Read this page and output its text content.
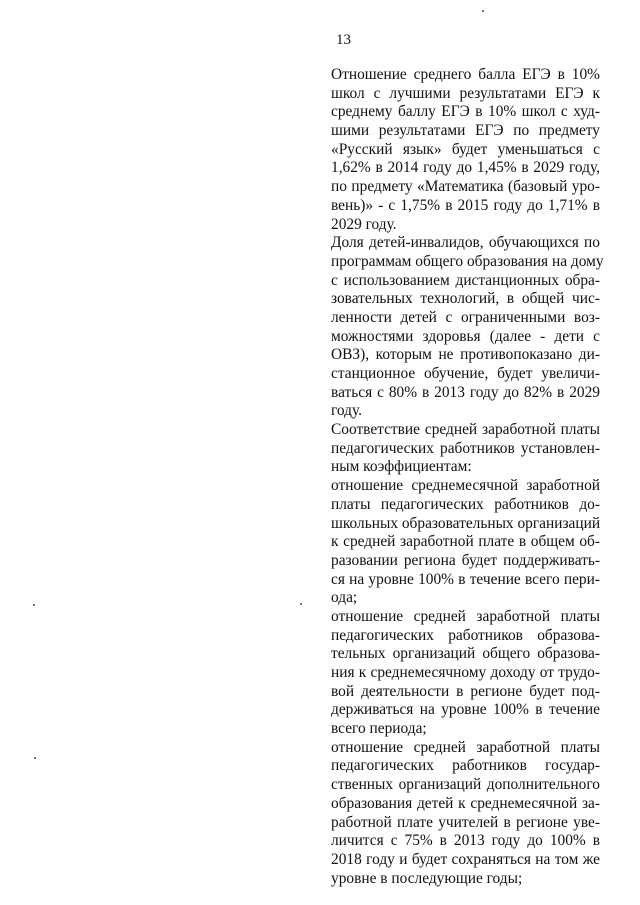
13
Отношение среднего балла ЕГЭ в 10%
школ с лучшими результатами ЕГЭ к
среднему баллу ЕГЭ в 10% школ с худ-
шими результатами ЕГЭ по предмету
«Русский язык» будет уменьшаться с
1,62% в 2014 году до 1,45% в 2029 году,
по предмету «Математика (базовый уро-
вень)» - с 1,75% в 2015 году до 1,71% в
2029 году.
Доля детей-инвалидов, обучающихся по
программам общего образования на дому
с использованием дистанционных обра-
зовательных технологий, в общей чис-
ленности детей с ограниченными воз-
можностями здоровья (далее - дети с
ОВЗ), которым не противопоказано ди-
станционное обучение, будет увеличи-
ваться с 80% в 2013 году до 82% в 2029
году.
Соответствие средней заработной платы
педагогических работников установлен-
ным коэффициентам:
отношение среднемесячной заработной
платы педагогических работников до-
школьных образовательных организаций
к средней заработной плате в общем об-
разовании региона будет поддерживать-
ся на уровне 100% в течение всего пери-
ода;
отношение средней заработной платы
педагогических работников образова-
тельных организаций общего образова-
ния к среднемесячному доходу от трудо-
вой деятельности в регионе будет под-
держиваться на уровне 100% в течение
всего периода;
отношение средней заработной платы
педагогических работников государ-
ственных организаций дополнительного
образования детей к среднемесячной за-
работной плате учителей в регионе уве-
личится с 75% в 2013 году до 100% в
2018 году и будет сохраняться на том же
уровне в последующие годы;
